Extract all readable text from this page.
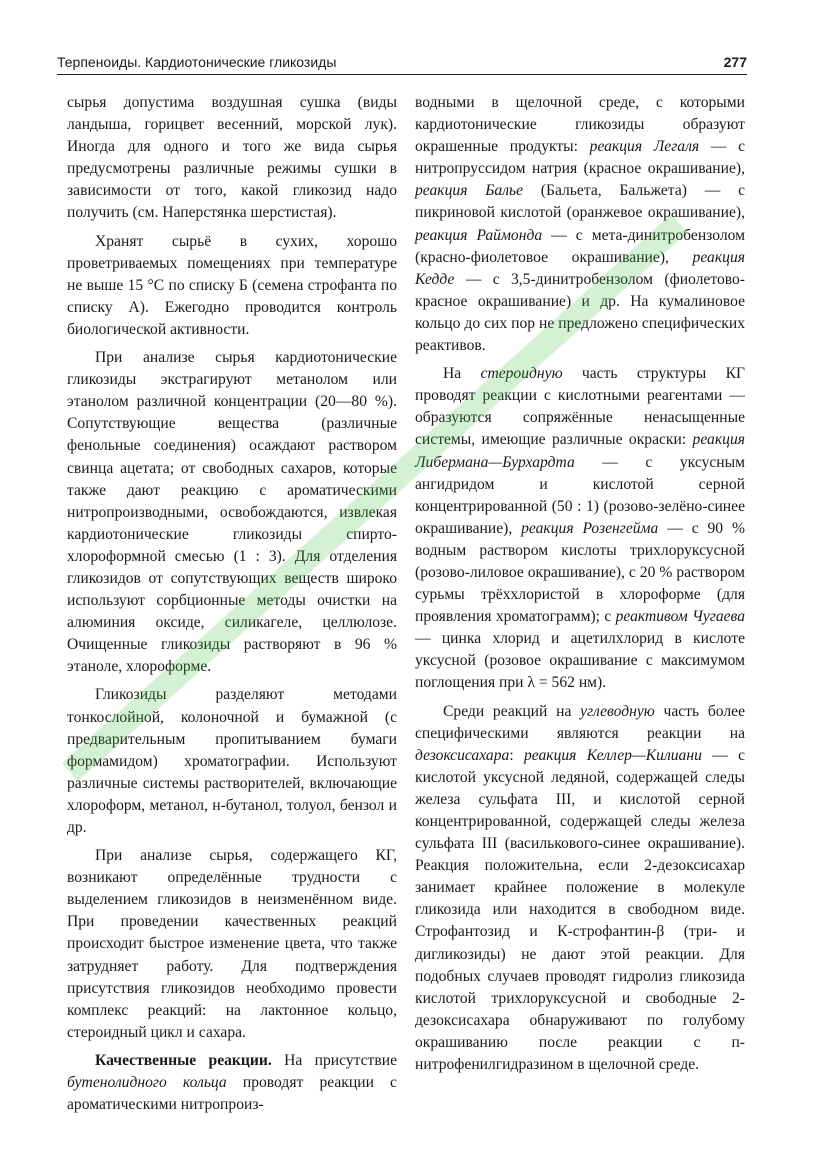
Терпеноиды. Кардиотонические гликозиды	277

сырья допустима воздушная сушка (виды ландыша, горицвет весенний, морской лук). Иногда для одного и того же вида сырья предусмотрены различные режимы сушки в зависимости от того, какой гликозид надо получить (см. Наперстянка шерстистая).

Хранят сырьё в сухих, хорошо проветриваемых помещениях при температуре не выше 15 °С по списку Б (семена строфанта по списку А). Ежегодно проводится контроль биологической активности.

При анализе сырья кардиотонические гликозиды экстрагируют метанолом или этанолом различной концентрации (20—80 %). Сопутствующие вещества (различные фенольные соединения) осаждают раствором свинца ацетата; от свободных сахаров, которые также дают реакцию с ароматическими нитропроизводными, освобождаются, извлекая кардиотонические гликозиды спирто-хлороформной смесью (1 : 3). Для отделения гликозидов от сопутствующих веществ широко используют сорбционные методы очистки на алюминия оксиде, силикагеле, целлюлозе. Очищенные гликозиды растворяют в 96 % этаноле, хлороформе.

Гликозиды разделяют методами тонкослойной, колоночной и бумажной (с предварительным пропитыванием бумаги формамидом) хроматографии. Используют различные системы растворителей, включающие хлороформ, метанол, н-бутанол, толуол, бензол и др.

При анализе сырья, содержащего КГ, возникают определённые трудности с выделением гликозидов в неизменённом виде. При проведении качественных реакций происходит быстрое изменение цвета, что также затрудняет работу. Для подтверждения присутствия гликозидов необходимо провести комплекс реакций: на лактонное кольцо, стероидный цикл и сахара.

Качественные реакции. На присутствие бутенолидного кольца проводят реакции с ароматическими нитропроиз-

водными в щелочной среде, с которыми кардиотонические гликозиды образуют окрашенные продукты: реакция Легаля — с нитропруссидом натрия (красное окрашивание), реакция Балье (Бальета, Бальжета) — с пикриновой кислотой (оранжевое окрашивание), реакция Раймонда — с мета-динитробензолом (красно-фиолетовое окрашивание), реакция Кедде — с 3,5-динитробензолом (фиолетово-красное окрашивание) и др. На кумалиновое кольцо до сих пор не предложено специфических реактивов.

На стероидную часть структуры КГ проводят реакции с кислотными реагентами — образуются сопряжённые ненасыщенные системы, имеющие различные окраски: реакция Либермана—Бурхардта — с уксусным ангидридом и кислотой серной концентрированной (50 : 1) (розово-зелёно-синее окрашивание), реакция Розенгейма — с 90 % водным раствором кислоты трихлоруксусной (розово-лиловое окрашивание), с 20 % раствором сурьмы трёххлористой в хлороформе (для проявления хроматограмм); с реактивом Чугаева — цинка хлорид и ацетилхлорид в кислоте уксусной (розовое окрашивание с максимумом поглощения при λ = 562 нм).

Среди реакций на углеводную часть более специфическими являются реакции на дезоксисахара: реакция Келлер—Килиани — с кислотой уксусной ледяной, содержащей следы железа сульфата III, и кислотой серной концентрированной, содержащей следы железа сульфата III (василькового-синее окрашивание). Реакция положительна, если 2-дезоксисахар занимает крайнее положение в молекуле гликозида или находится в свободном виде. Строфантозид и К-строфантин-β (три- и дигликозиды) не дают этой реакции. Для подобных случаев проводят гидролиз гликозида кислотой трихлоруксусной и свободные 2-дезоксисахара обнаруживают по голубому окрашиванию после реакции с п-нитрофенилгидразином в щелочной среде.
